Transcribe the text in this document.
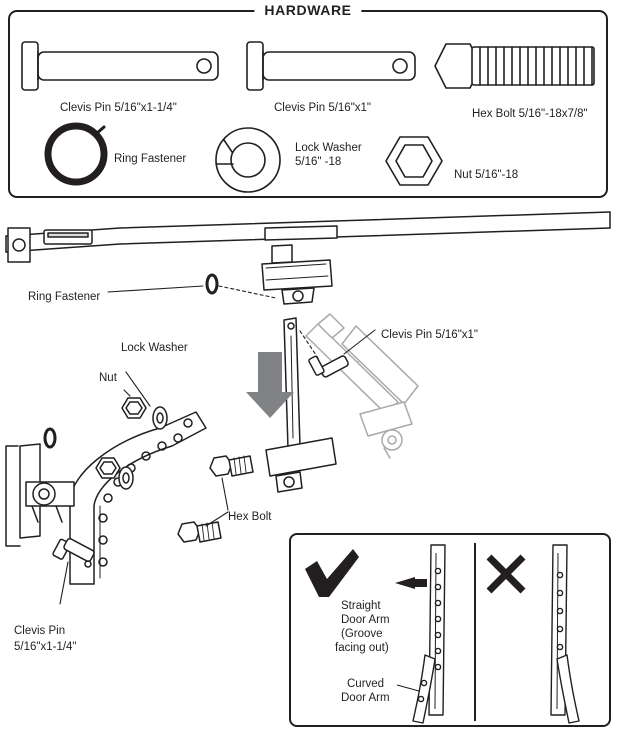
HARDWARE
Clevis Pin 5/16"x1-1/4"	Clevis Pin 5/16"x1"	Hex Bolt 5/16"-18x7/8"
Ring Fastener
Lock Washer
5/16" -18
Nut 5/16"-18
Ring Fastener
Lock Washer
Nut
Clevis Pin 5/16"x1"
Hex Bolt
Clevis Pin
5/16"x1-1/4"
Straight
Door Arm
(Groove
facing out)
Curved
Door Arm
